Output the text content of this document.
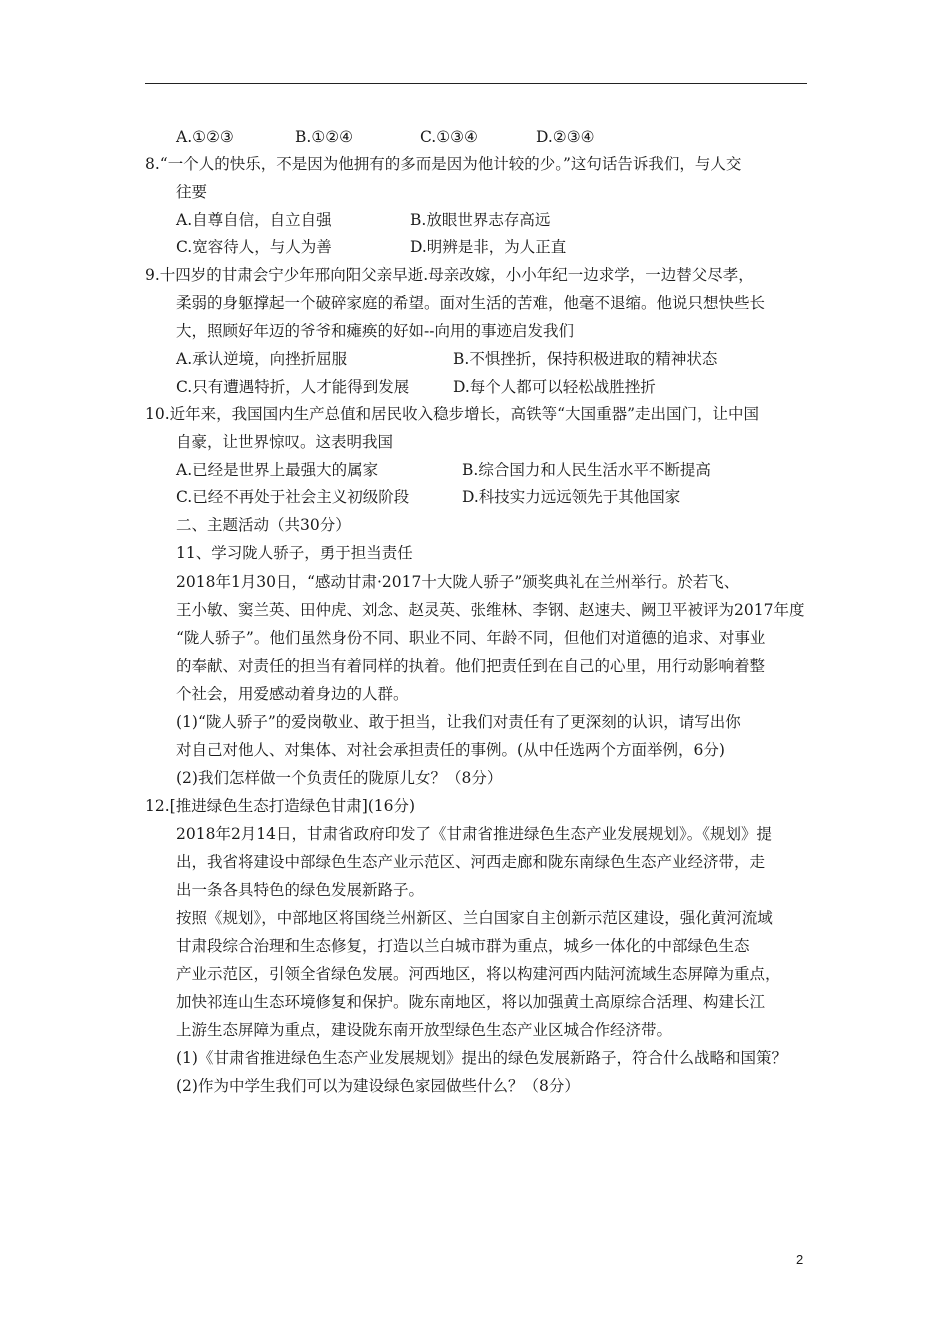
A.①②③	B.①②④	C.①③④	D.②③④
8.“一个人的快乐，不是因为他拥有的多而是因为他计较的少。”这句话告诉我们，与人交
往要
A.自尊自信，自立自强	B.放眼世界志存高远
C.宽容待人，与人为善	D.明辨是非，为人正直
9.十四岁的甘肃会宁少年邢向阳父亲早逝.母亲改嫁，小小年纪一边求学，一边替父尽孝，
柔弱的身躯撑起一个破碎家庭的希望。面对生活的苦难，他毫不退缩。他说只想快些长
大，照顾好年迈的爷爷和瘫痪的好如--向用的事迹启发我们
A.承认逆境，向挫折屈服	B.不惧挫折，保持积极进取的精神状态
C.只有遭遇特折，人才能得到发展	D.每个人都可以轻松战胜挫折
10.近年来，我国国内生产总值和居民收入稳步增长，高铁等“大国重器”走出国门，让中国
自豪，让世界惊叹。这表明我国
A.已经是世界上最强大的属家	B.综合国力和人民生活水平不断提高
C.已经不再处于社会主义初级阶段	D.科技实力远远领先于其他国家
二、主题活动（共30分）
11、学习陇人骄子，勇于担当责任
2018年1月30日，“感动甘肃·2017十大陇人骄子”颁奖典礼在兰州举行。於若飞、
王小敏、窦兰英、田仲虎、刘念、赵灵英、张维林、李钢、赵速夫、阙卫平被评为2017年度
“陇人骄子”。他们虽然身份不同、职业不同、年龄不同，但他们对道德的追求、对事业
的奉献、对责任的担当有着同样的执着。他们把责任到在自己的心里，用行动影响着整
个社会，用爱感动着身边的人群。
(1)“陇人骄子”的爱岗敬业、敢于担当，让我们对责任有了更深刻的认识，请写出你
对自己对他人、对集体、对社会承担责任的事例。(从中任选两个方面举例，6分)
(2)我们怎样做一个负责任的陇原儿女？（8分）
12.[推进绿色生态打造绿色甘肃](16分)
2018年2月14日，甘肃省政府印发了《甘肃省推进绿色生态产业发展规划》。《规划》提
出，我省将建设中部绿色生态产业示范区、河西走廊和陇东南绿色生态产业经济带，走
出一条各具特色的绿色发展新路子。
按照《规划》，中部地区将国绕兰州新区、兰白国家自主创新示范区建设，强化黄河流域
甘肃段综合治理和生态修复，打造以兰白城市群为重点，城乡一体化的中部绿色生态
产业示范区，引领全省绿色发展。河西地区，将以构建河西内陆河流域生态屏障为重点，
加快祁连山生态环境修复和保护。陇东南地区，将以加强黄土高原综合活理、构建长江
上游生态屏障为重点，建设陇东南开放型绿色生态产业区城合作经济带。
(1)《甘肃省推进绿色生态产业发展规划》提出的绿色发展新路子，符合什么战略和国策？
(2)作为中学生我们可以为建设绿色家园做些什么？（8分）
2
